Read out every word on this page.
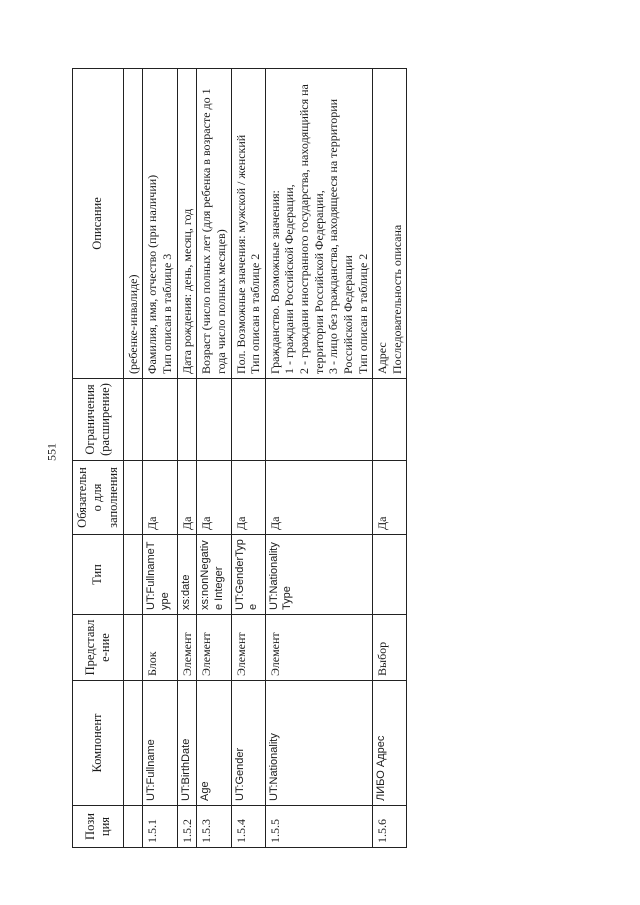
551
Позиция	Компонент	Представле-ние	Тип	Обязательно для заполнения	Ограничения (расширение)	Описание
						(ребенке-инвалиде)
1.5.1	UT:Fullname	Блок	UT:FullnameType	Да		Фамилия, имя, отчество (при наличии) Тип описан в таблице 3

1.5.2	UT:BirthDate	Элемент	xs:date	Да		Дата рождения: день, месяц, год

1.5.3	Age	Элемент	xs:nonNegative Integer	Да		Возраст (число полных лет (для ребенка в возрасте до 1 года число полных месяцев)

1.5.4	UT:Gender	Элемент	UT:GenderType	Да		Пол. Возможные значения: мужской / женский Тип описан в таблице 2

1.5.5	UT:Nationality	Элемент	UT:Nationality Type	Да		Гражданство. Возможные значения: 1 - граждани Российской Федерации, 2 - граждани иностранного государства, находящийся на территории Российской Федерации, 3 - лицо без гражданства, находящееся на территории Российской Федерации Тип описан в таблице 2

1.5.6	ЛИБО Адрес	Выбор		Да		Адрес Последовательность описана
